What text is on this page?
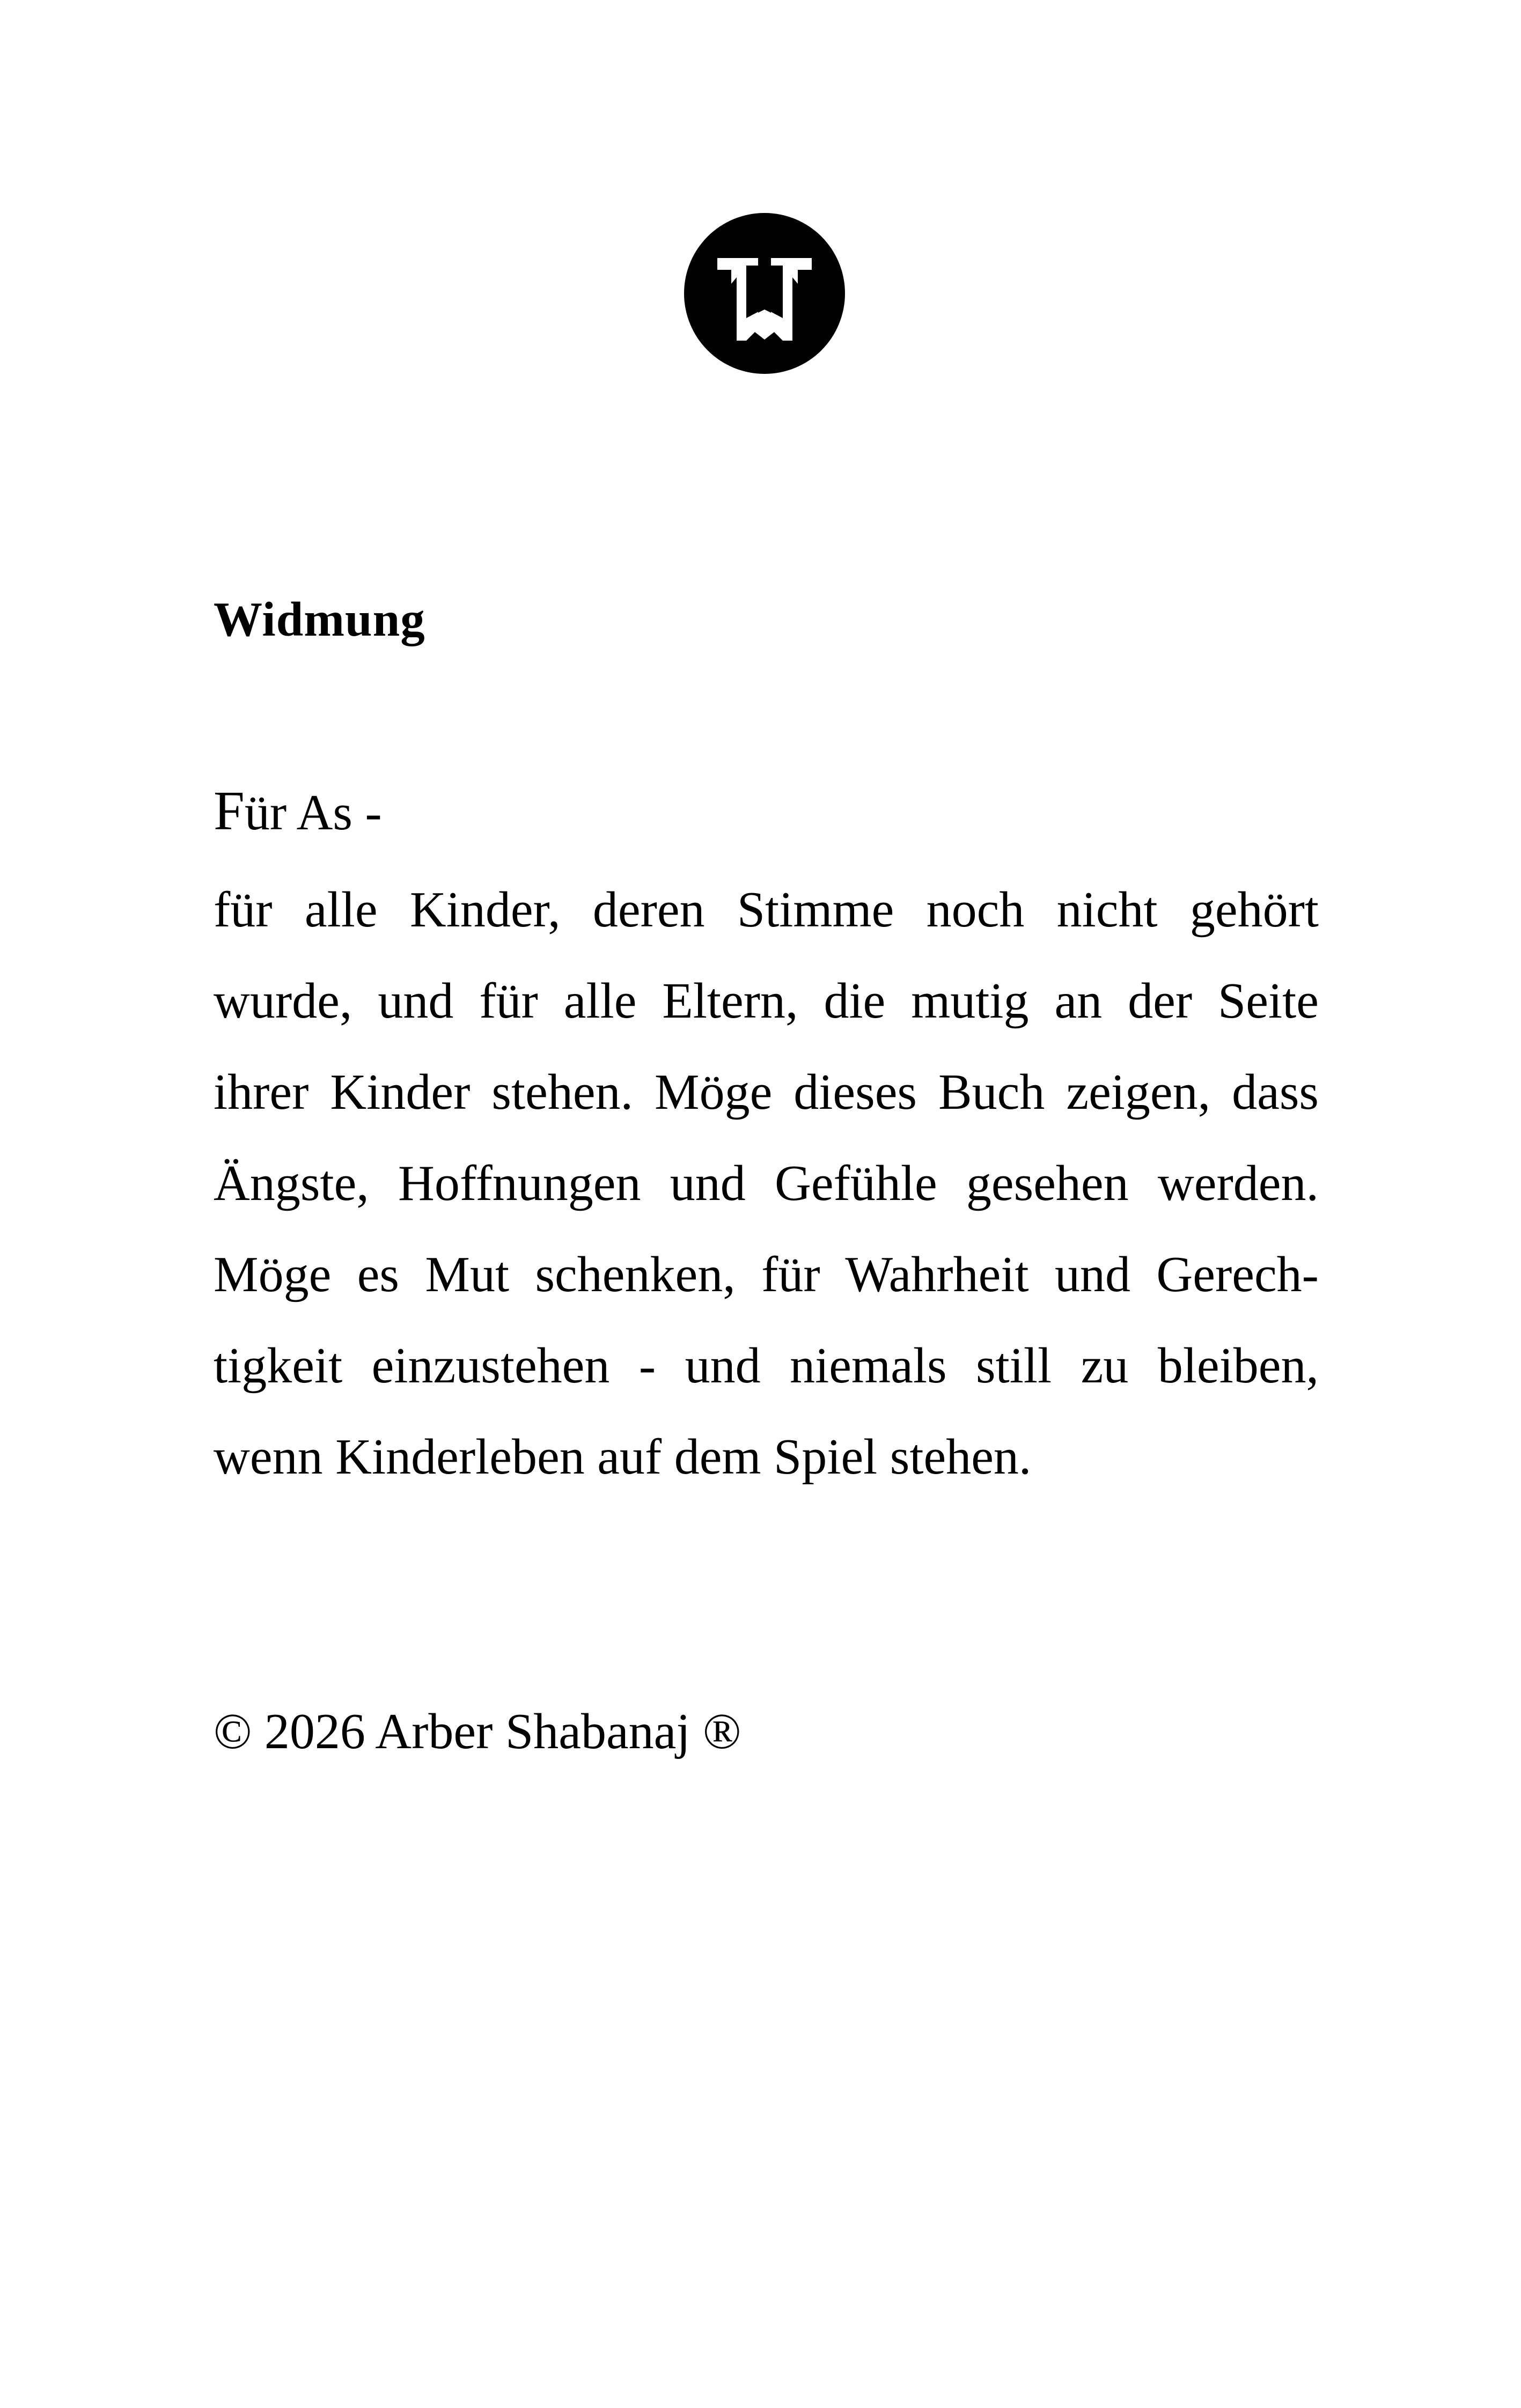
Widmung

Für As -

für alle Kinder, deren Stimme noch nicht gehört
wurde, und für alle Eltern, die mutig an der Seite
ihrer Kinder stehen. Möge dieses Buch zeigen, dass
Ängste, Hoffnungen und Gefühle gesehen werden.
Möge es Mut schenken, für Wahrheit und Gerech-
tigkeit einzustehen - und niemals still zu bleiben,
wenn Kinderleben auf dem Spiel stehen.

© 2026 Arber Shabanaj ®
